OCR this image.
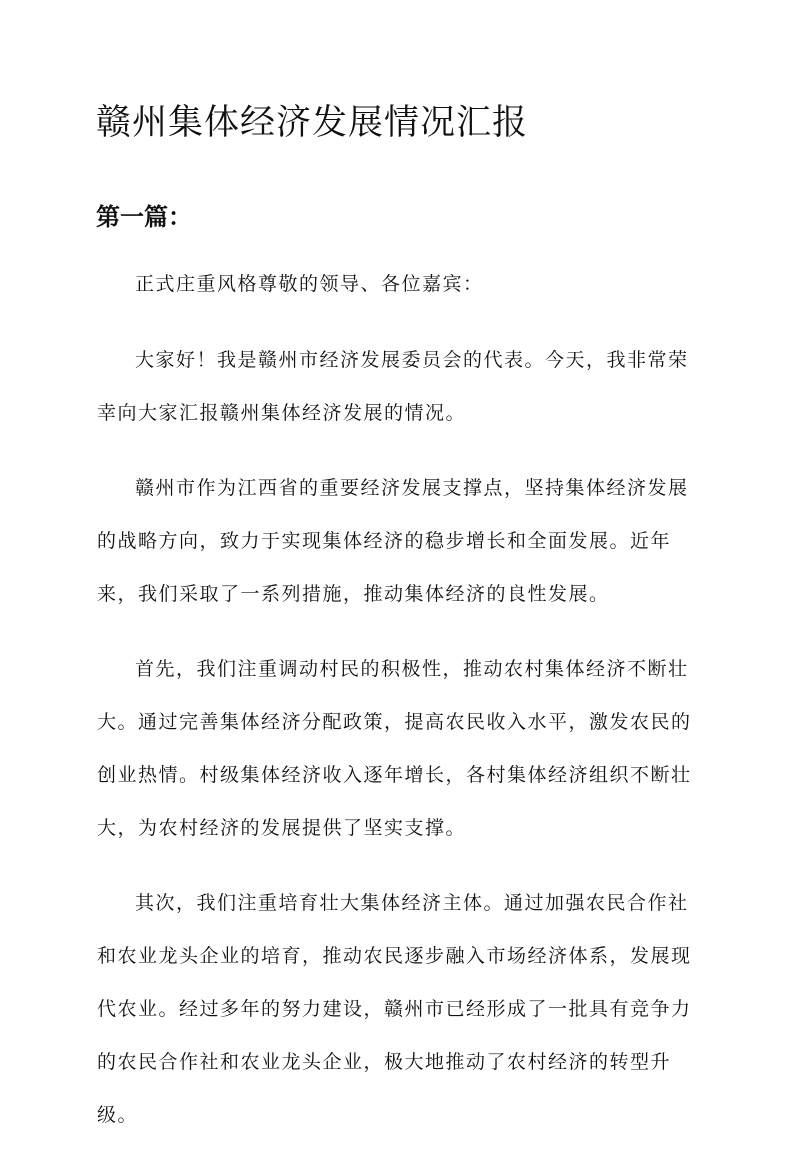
赣州集体经济发展情况汇报
第一篇：

正式庄重风格尊敬的领导、各位嘉宾：

大家好！我是赣州市经济发展委员会的代表。今天，我非常荣幸向大家汇报赣州集体经济发展的情况。

赣州市作为江西省的重要经济发展支撑点，坚持集体经济发展的战略方向，致力于实现集体经济的稳步增长和全面发展。近年来，我们采取了一系列措施，推动集体经济的良性发展。

首先，我们注重调动村民的积极性，推动农村集体经济不断壮大。通过完善集体经济分配政策，提高农民收入水平，激发农民的创业热情。村级集体经济收入逐年增长，各村集体经济组织不断壮大，为农村经济的发展提供了坚实支撑。

其次，我们注重培育壮大集体经济主体。通过加强农民合作社和农业龙头企业的培育，推动农民逐步融入市场经济体系，发展现代农业。经过多年的努力建设，赣州市已经形成了一批具有竞争力的农民合作社和农业龙头企业，极大地推动了农村经济的转型升级。
